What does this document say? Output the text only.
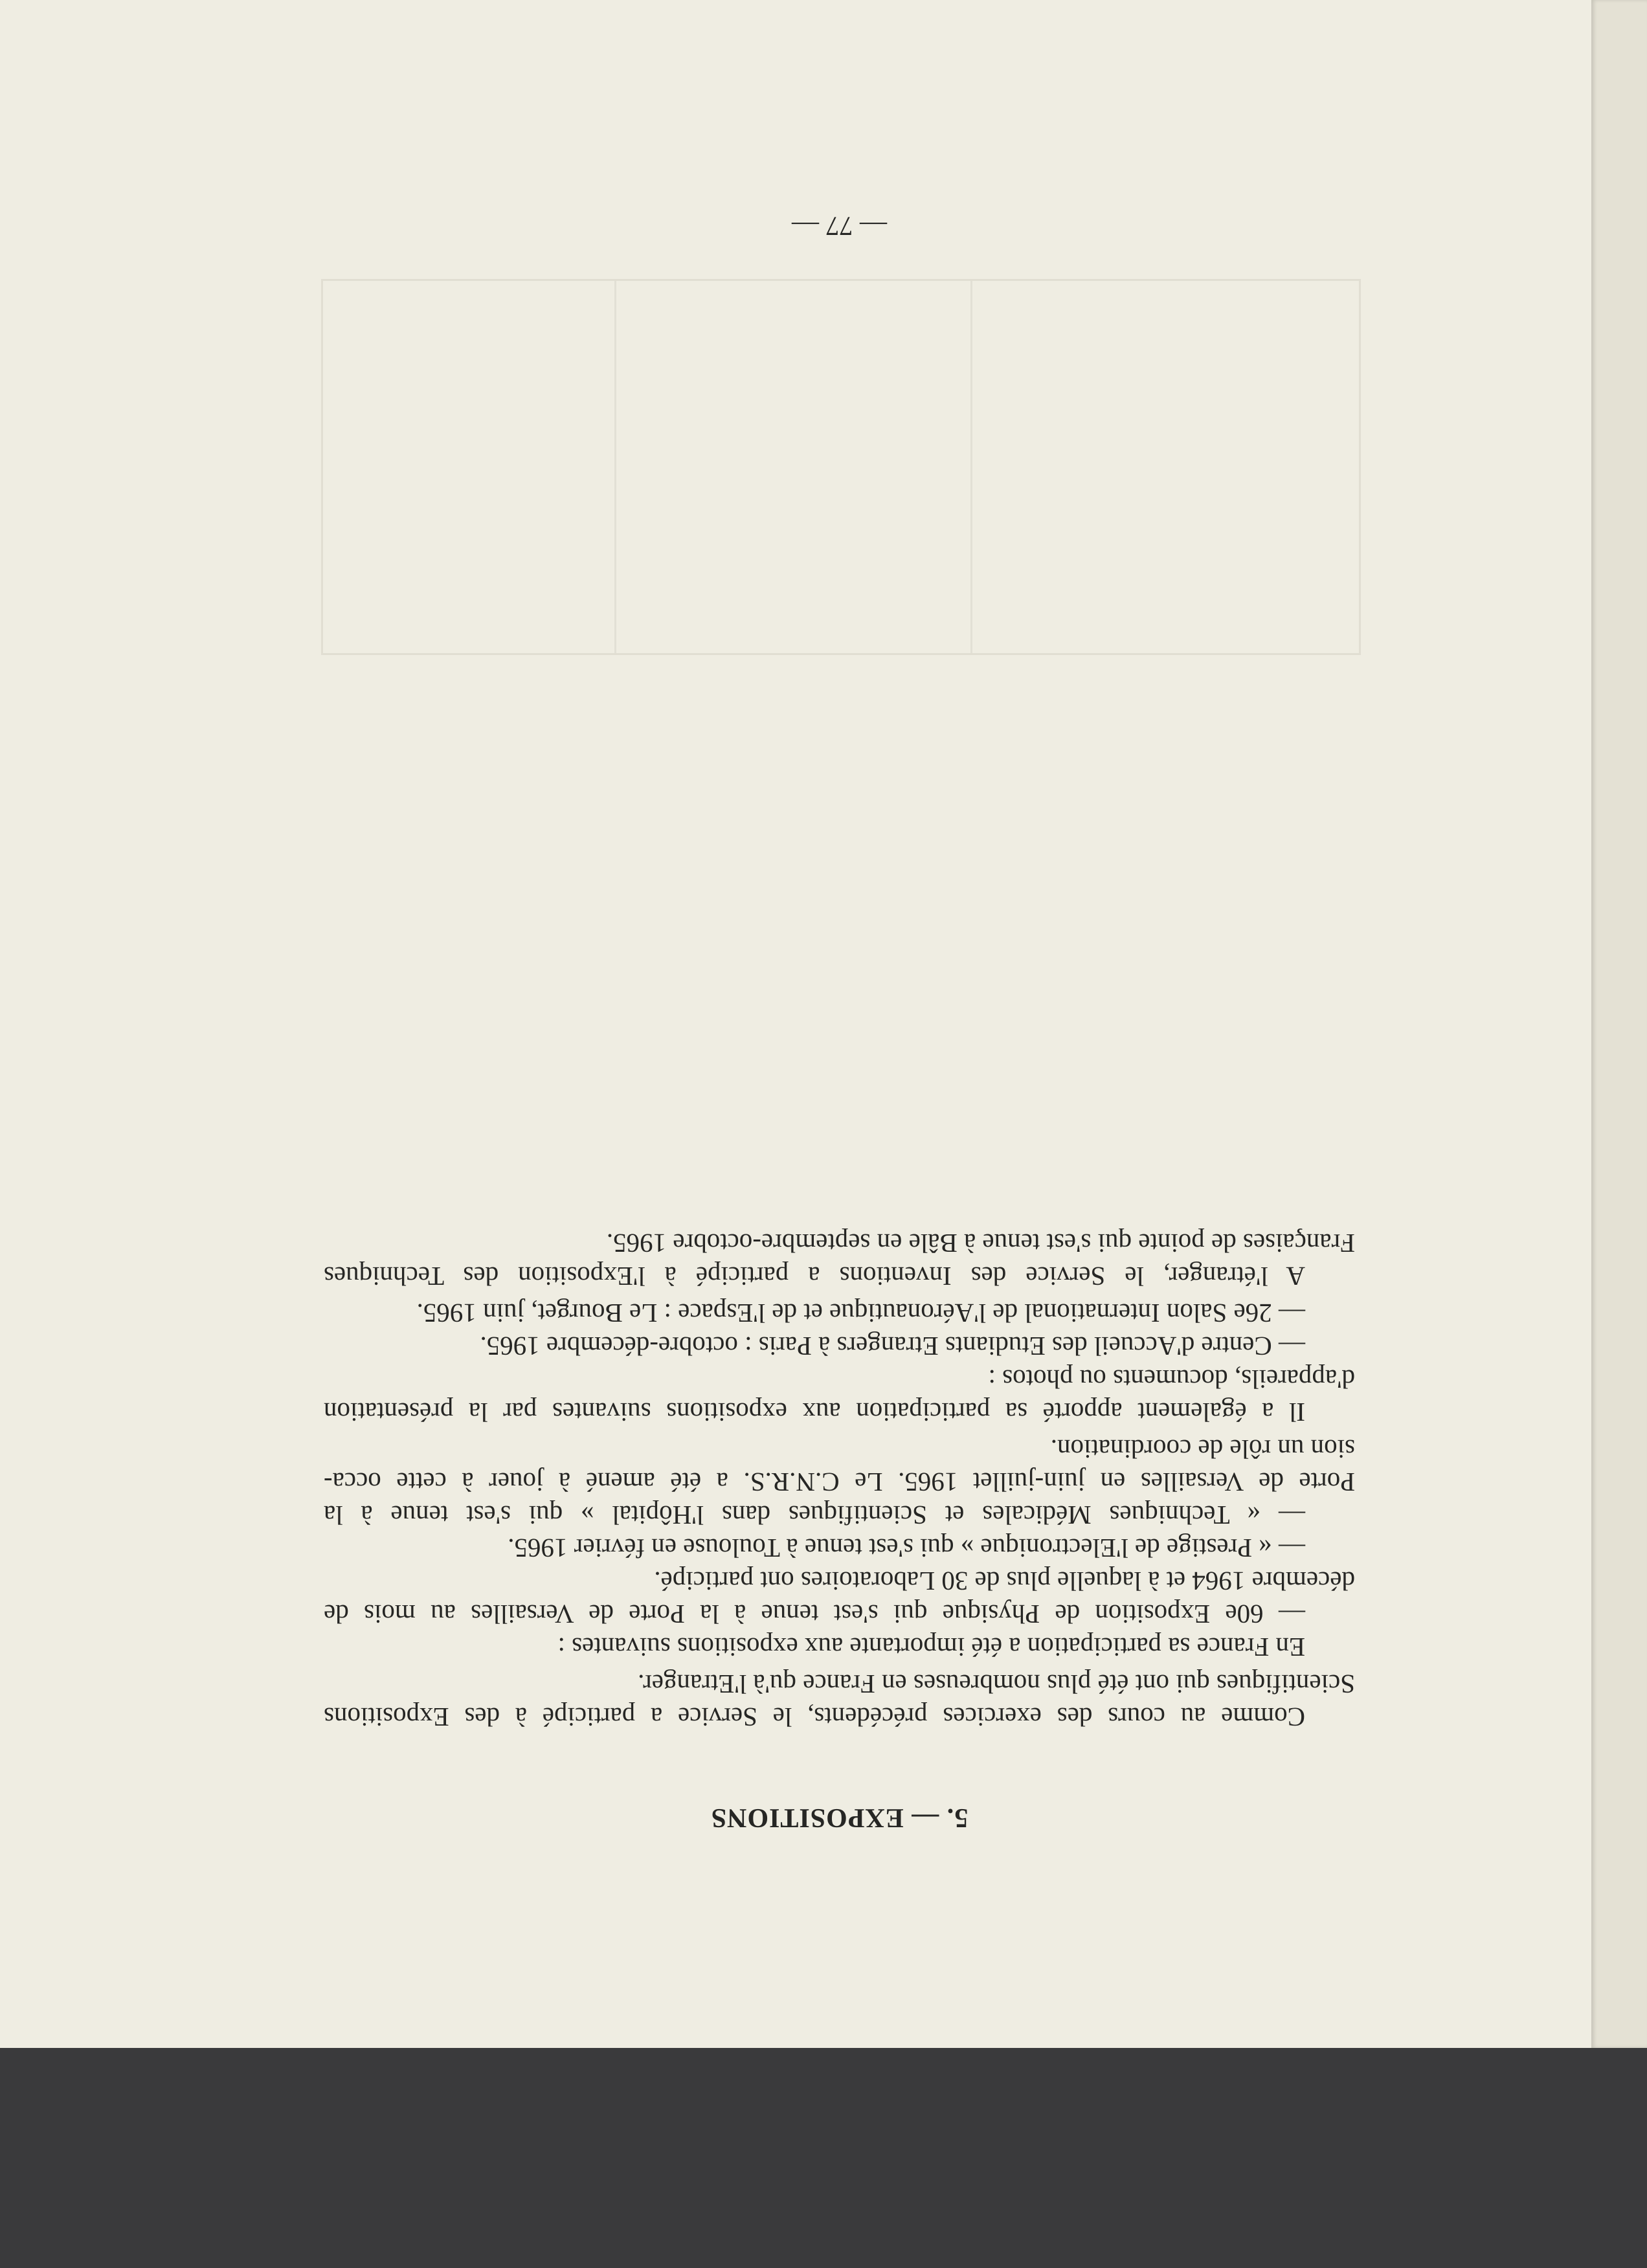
5. — EXPOSITIONS
Comme au cours des exercices précédents, le Service a participé à des Expositions
Scientifiques qui ont été plus nombreuses en France qu'à l'Etranger.
En France sa participation a été importante aux expositions suivantes :
— 60e Exposition de Physique qui s'est tenue à la Porte de Versailles au mois de
décembre 1964 et à laquelle plus de 30 Laboratoires ont participé.
— « Prestige de l'Electronique » qui s'est tenue à Toulouse en février 1965.
— « Techniques Médicales et Scientifiques dans l'Hôpital » qui s'est tenue à la
Porte de Versailles en juin-juillet 1965. Le C.N.R.S. a été amené à jouer à cette occa-
sion un rôle de coordination.
Il a également apporté sa participation aux expositions suivantes par la présentation
d'appareils, documents ou photos :
— Centre d'Accueil des Etudiants Etrangers à Paris : octobre-décembre 1965.
— 26e Salon International de l'Aéronautique et de l'Espace : Le Bourget, juin 1965.
A l'étranger, le Service des Inventions a participé à l'Exposition des Techniques
Françaises de pointe qui s'est tenue à Bâle en septembre-octobre 1965.
— 77 —
